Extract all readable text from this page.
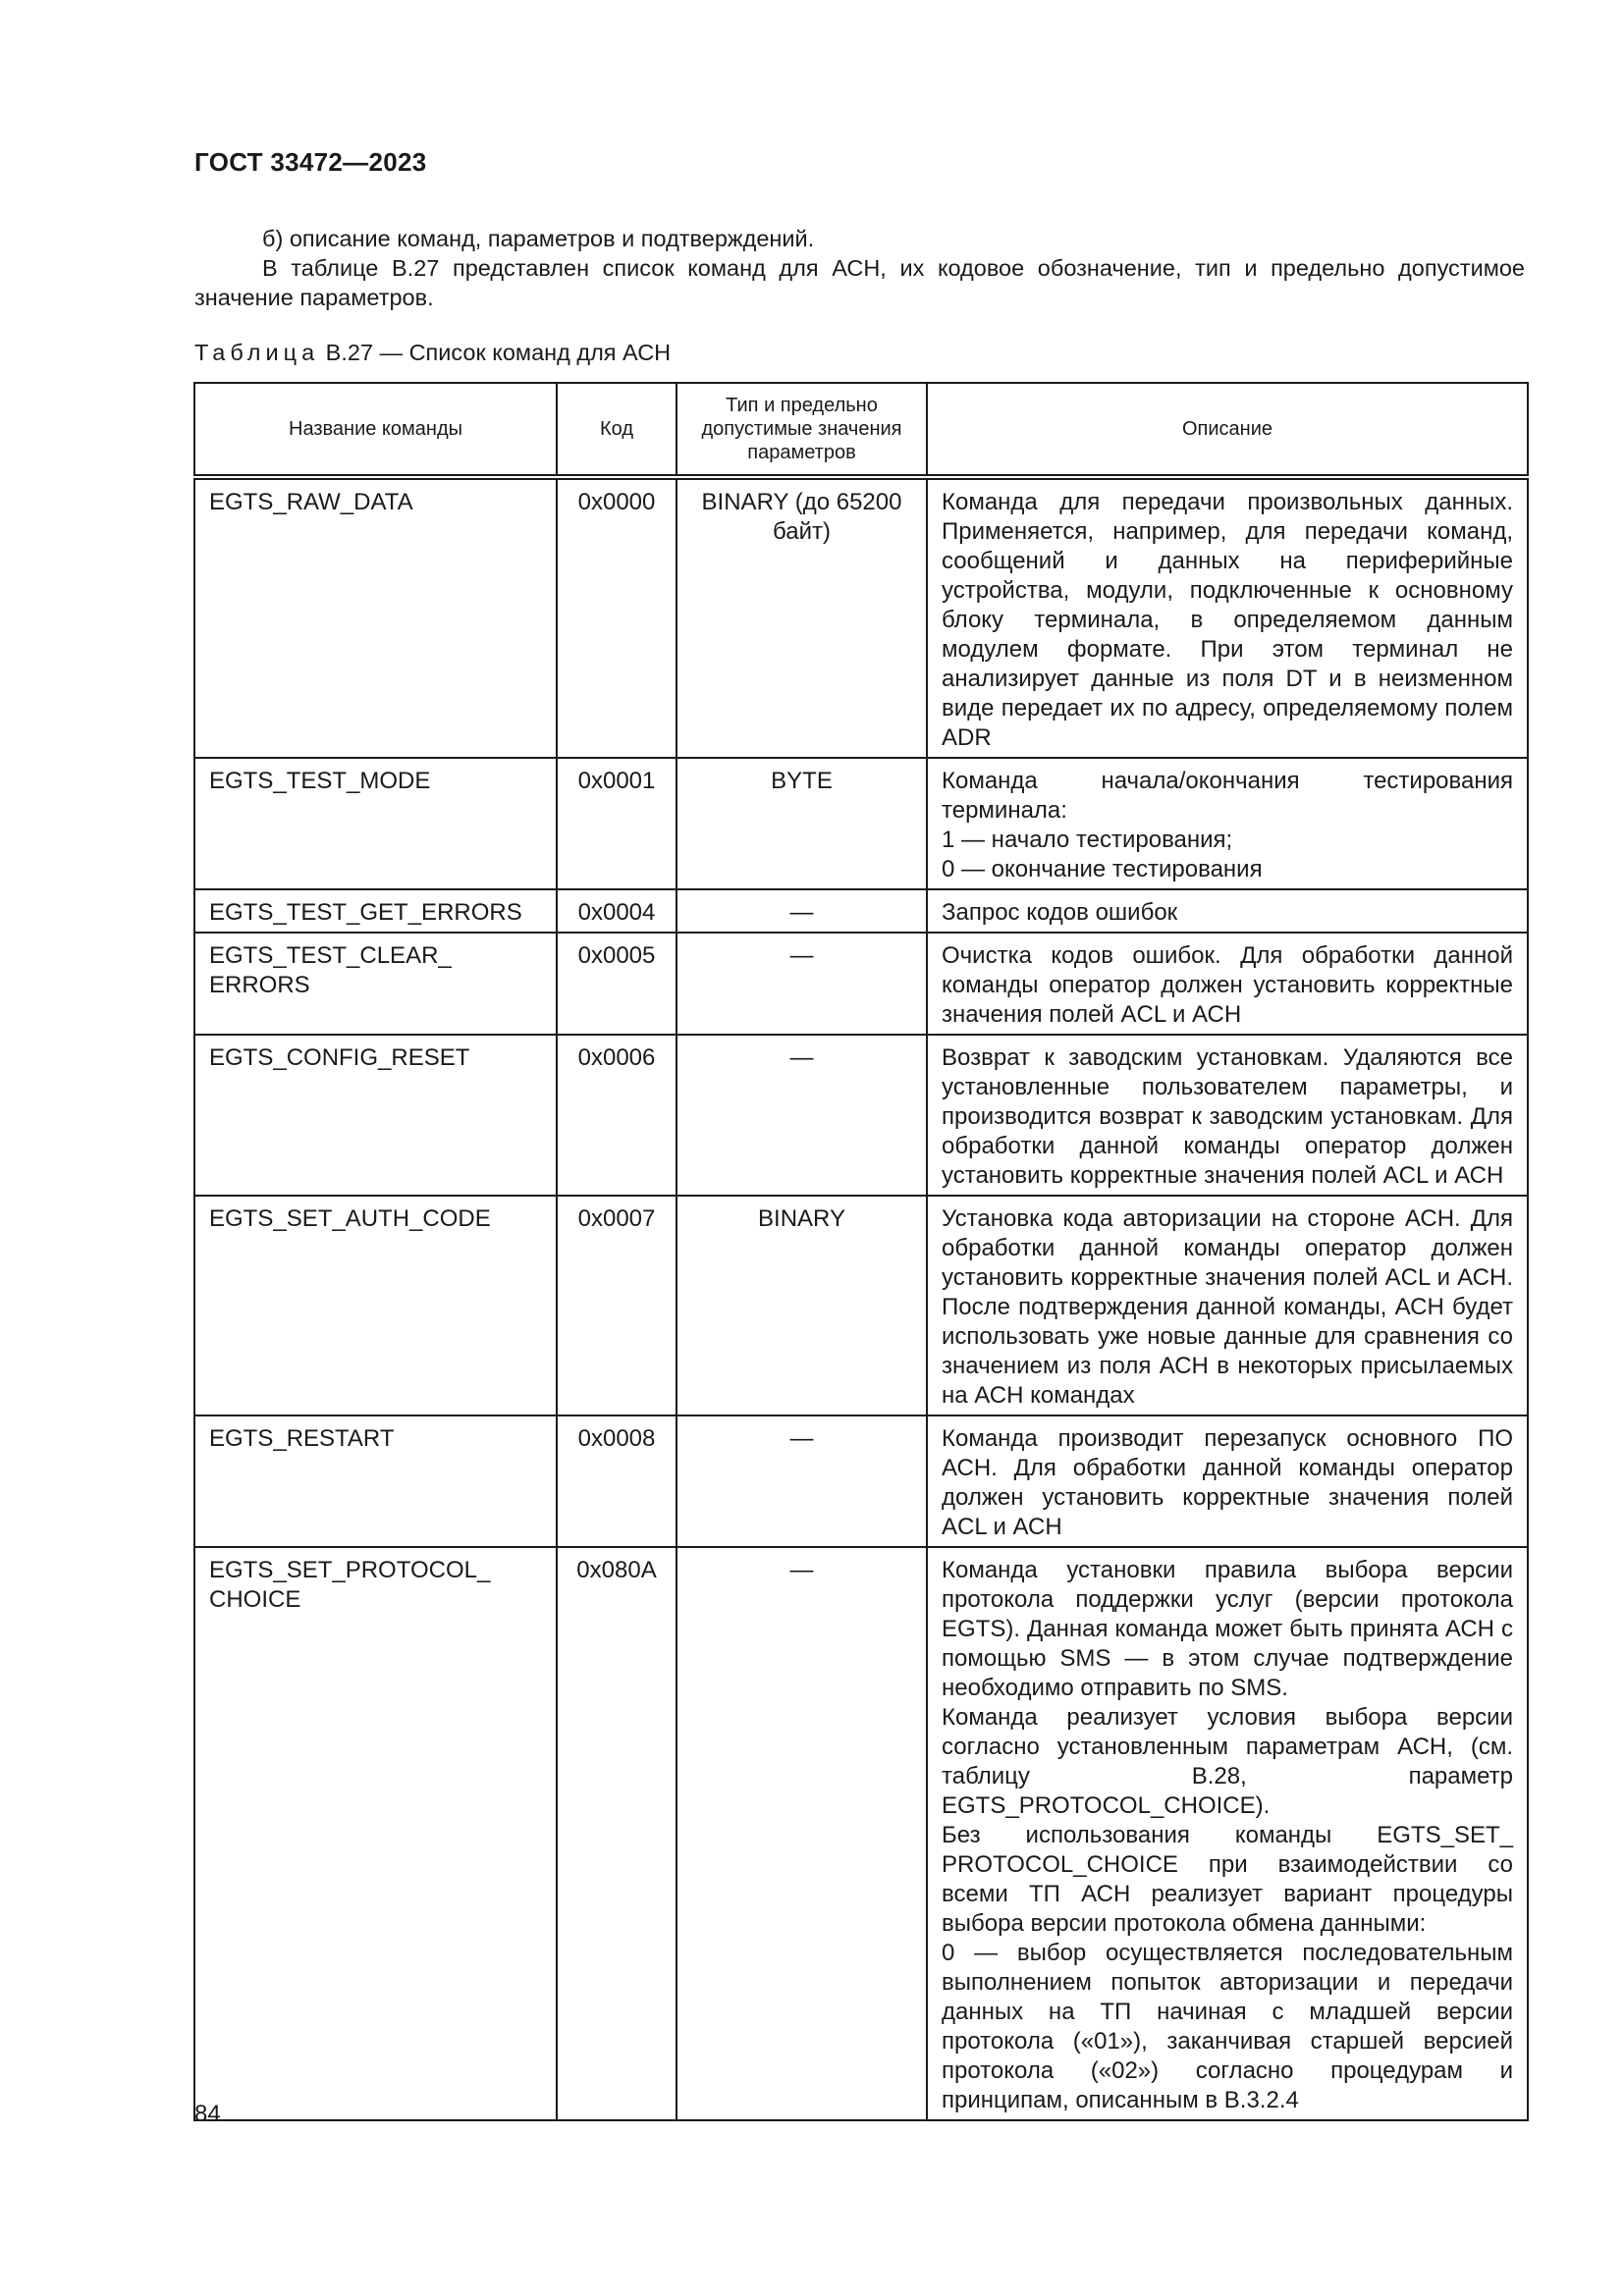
ГОСТ 33472—2023

б) описание команд, параметров и подтверждений.

В таблице В.27 представлен список команд для АСН, их кодовое обозначение, тип и предельно допустимое значение параметров.

Таблица В.27 — Список команд для АСН
Название команды	Код	Тип и предельно допустимые значения параметров	Описание
EGTS_RAW_DATA	0x0000	BINARY (до 65200 байт)	Команда для передачи произвольных данных. Применяется, например, для передачи команд, сообщений и данных на периферийные устройства, модули, подключенные к основному блоку терминала, в определяемом данным модулем формате. При этом терминал не анализирует данные из поля DT и в неизменном виде передает их по адресу, определяемому полем ADR
EGTS_TEST_MODE	0x0001	BYTE	Команда начала/окончания тестирования терминала:
1 — начало тестирования;
0 — окончание тестирования
EGTS_TEST_GET_ERRORS	0x0004	—	Запрос кодов ошибок
EGTS_TEST_CLEAR_ ERRORS	0x0005	—	Очистка кодов ошибок. Для обработки данной команды оператор должен установить корректные значения полей ACL и АСН
EGTS_CONFIG_RESET	0x0006	—	Возврат к заводским установкам. Удаляются все установленные пользователем параметры, и производится возврат к заводским установкам. Для обработки данной команды оператор должен установить корректные значения полей ACL и АСН
EGTS_SET_AUTH_CODE	0x0007	BINARY	Установка кода авторизации на стороне АСН. Для обработки данной команды оператор должен установить корректные значения полей ACL и АСН. После подтверждения данной команды, АСН будет использовать уже новые данные для сравнения со значением из поля АСН в некоторых присылаемых на АСН командах
EGTS_RESTART	0x0008	—	Команда производит перезапуск основного ПО АСН. Для обработки данной команды оператор должен установить корректные значения полей ACL и АСН
EGTS_SET_PROTOCOL_ CHOICE	0x080A	—	Команда установки правила выбора версии протокола поддержки услуг (версии протокола EGTS). Данная команда может быть принята АСН с помощью SMS — в этом случае подтверждение необходимо отправить по SMS.
Команда реализует условия выбора версии согласно установленным параметрам АСН, (см. таблицу В.28, параметр EGTS_PROTOCOL_CHOICE).
Без использования команды EGTS_SET_ PROTOCOL_CHOICE при взаимодействии со всеми ТП АСН реализует вариант процедуры выбора версии протокола обмена данными:
0 — выбор осуществляется последовательным выполнением попыток авторизации и передачи данных на ТП начиная с младшей версии протокола («01»), заканчивая старшей версией протокола («02») согласно процедурам и принципам, описанным в В.3.2.4
84
